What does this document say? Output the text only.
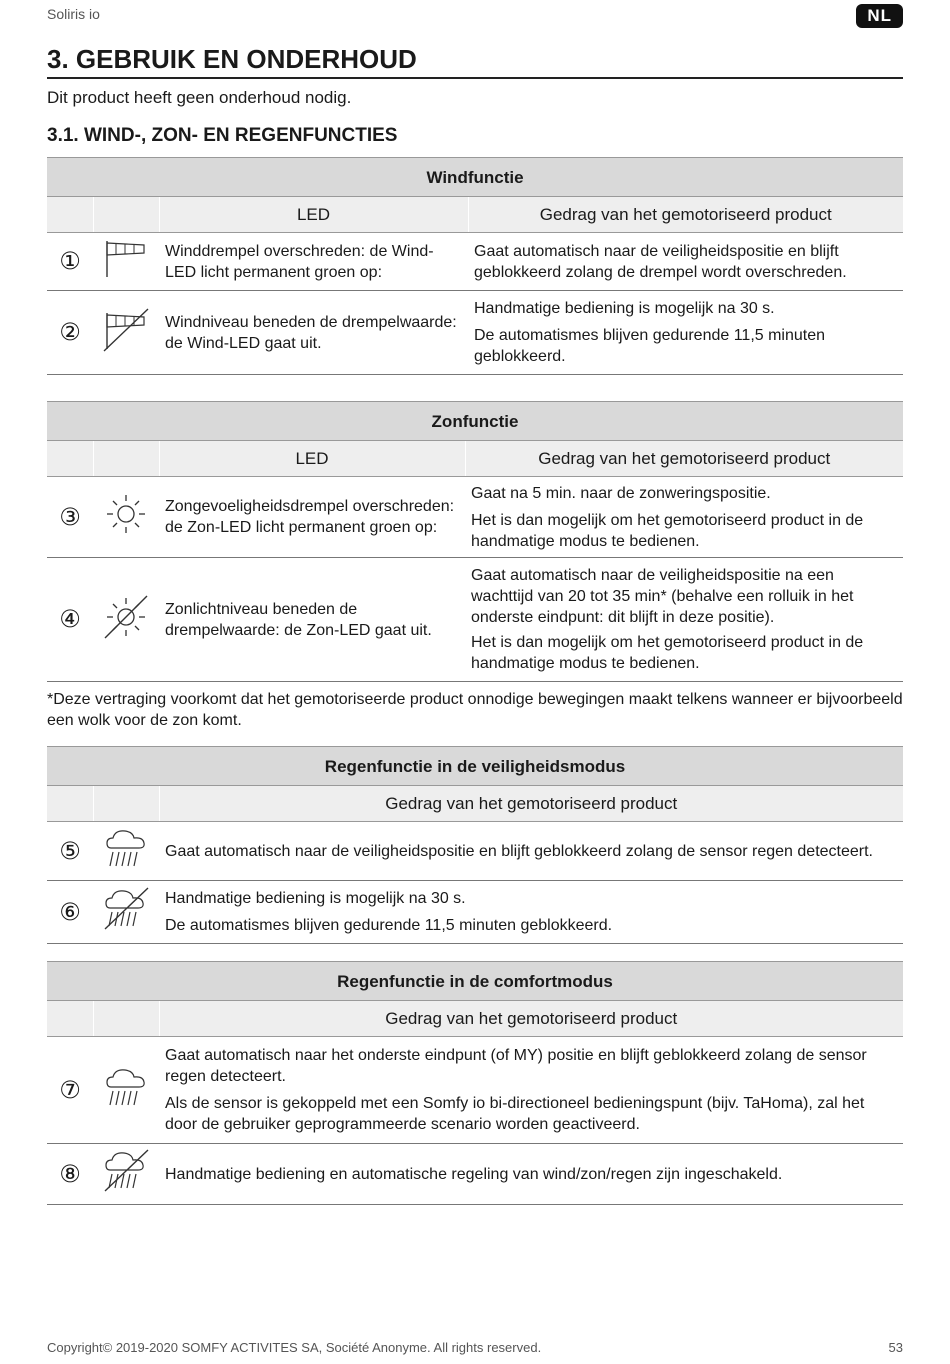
Soliris io	NL
3. GEBRUIK EN ONDERHOUD
Dit product heeft geen onderhoud nodig.
3.1. WIND-, ZON- EN REGENFUNCTIES
Windfunctie			
		LED	Gedrag van het gemotoriseerd product
①		Winddrempel overschreden: de Wind-LED licht permanent groen op:	Gaat automatisch naar de veiligheidspositie en blijft geblokkeerd zolang de drempel wordt overschreden.

②		Windniveau beneden de drempelwaarde: de Wind-LED gaat uit.	Handmatige bediening is mogelijk na 30 s.

De automatismes blijven gedurende 11,5 minuten geblokkeerd.

Zonfunctie			
		LED	Gedrag van het gemotoriseerd product
③		Zongevoeligheidsdrempel overschreden: de Zon-LED licht permanent groen op:	Gaat na 5 min. naar de zonweringspositie.

Het is dan mogelijk om het gemotoriseerd product in de handmatige modus te bedienen.

④		Zonlichtniveau beneden de drempelwaarde: de Zon-LED gaat uit.	Gaat automatisch naar de veiligheidspositie na een wachttijd van 20 tot 35 min* (behalve een rolluik in het onderste eindpunt: dit blijft in deze positie).

Het is dan mogelijk om het gemotoriseerd product in de handmatige modus te bedienen.

*Deze vertraging voorkomt dat het gemotoriseerde product onnodige bewegingen maakt telkens wanneer er bijvoorbeeld een wolk voor de zon komt.
Regenfunctie in de veiligheidsmodus		
		Gedrag van het gemotoriseerd product
⑤		Gaat automatisch naar de veiligheidspositie en blijft geblokkeerd zolang de sensor regen detecteert.

⑥		Handmatige bediening is mogelijk na 30 s.

De automatismes blijven gedurende 11,5 minuten geblokkeerd.

Regenfunctie in de comfortmodus		
		Gedrag van het gemotoriseerd product
⑦		Gaat automatisch naar het onderste eindpunt (of MY) positie en blijft geblokkeerd zolang de sensor regen detecteert.

Als de sensor is gekoppeld met een Somfy io bi-directioneel bedieningspunt (bijv. TaHoma), zal het door de gebruiker geprogrammeerde scenario worden geactiveerd.

⑧		Handmatige bediening en automatische regeling van wind/zon/regen zijn ingeschakeld.

Copyright© 2019-2020 SOMFY ACTIVITES SA, Société Anonyme. All rights reserved.	53
